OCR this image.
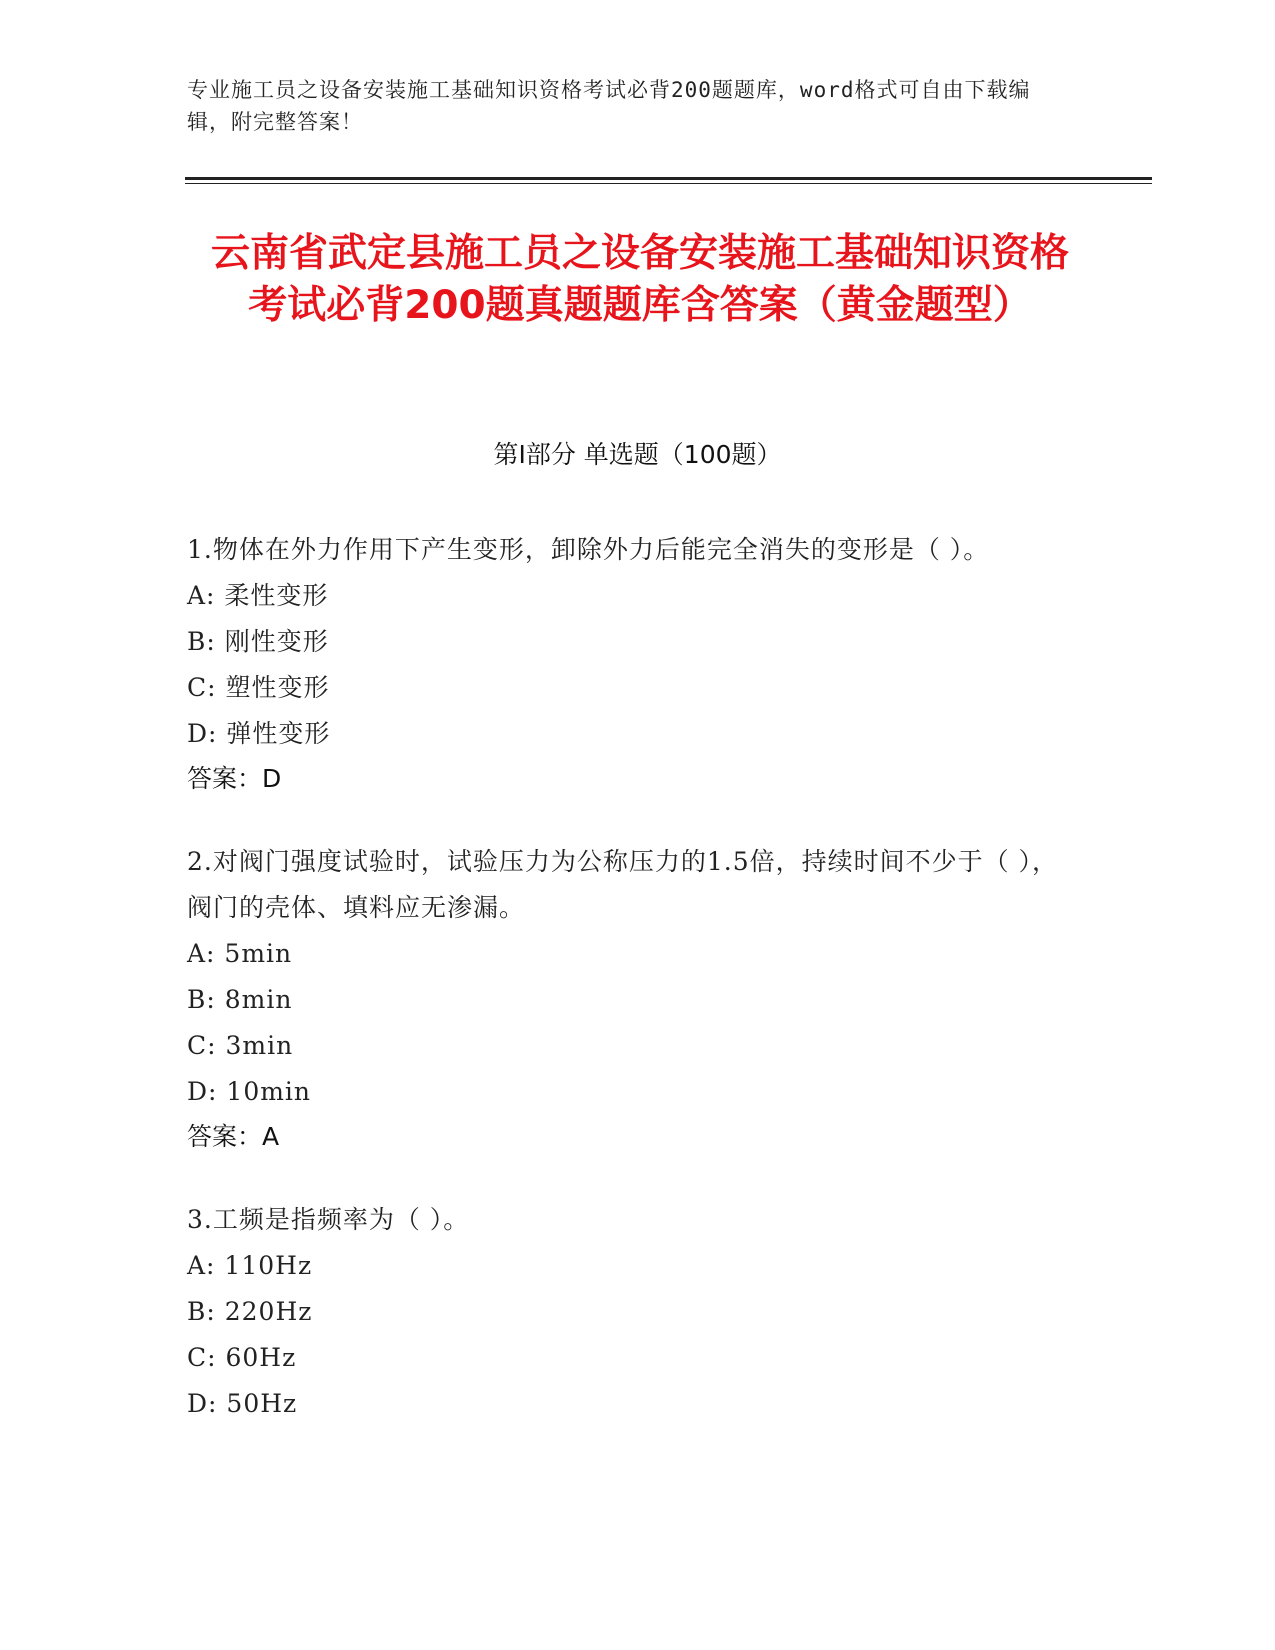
专业施工员之设备安装施工基础知识资格考试必背200题题库，word格式可自由下载编辑，附完整答案！
云南省武定县施工员之设备安装施工基础知识资格考试必背200题真题题库含答案（黄金题型）
第Ⅰ部分 单选题（100题）
1.物体在外力作用下产生变形，卸除外力后能完全消失的变形是（ ）。
A: 柔性变形
B: 刚性变形
C: 塑性变形
D: 弹性变形
答案：D
2.对阀门强度试验时，试验压力为公称压力的1.5倍，持续时间不少于（ ），阀门的壳体、填料应无渗漏。
A: 5min
B: 8min
C: 3min
D: 10min
答案：A
3.工频是指频率为（ ）。
A: 110Hz
B: 220Hz
C: 60Hz
D: 50Hz
